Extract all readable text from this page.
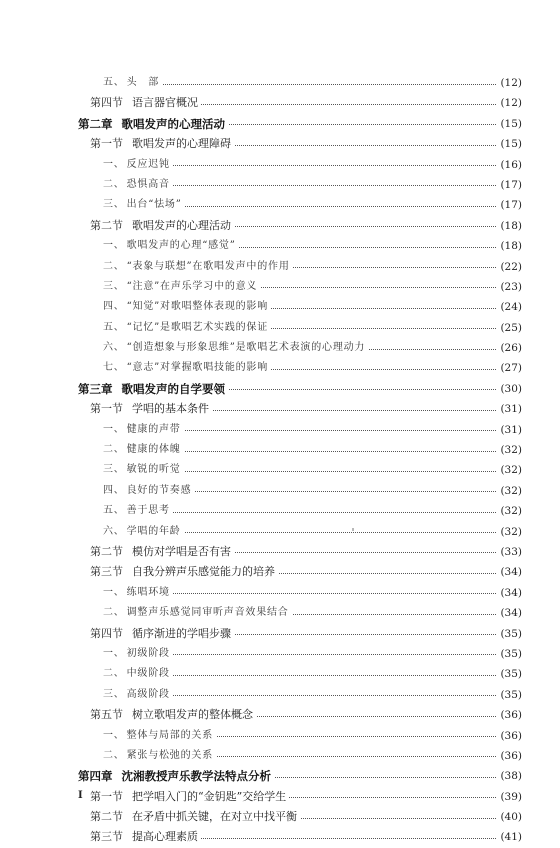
五、 头　部	(12)
第四节 语言器官概况	(12)
第二章 歌唱发声的心理活动	(15)
第一节 歌唱发声的心理障碍	(15)
一、 反应迟钝	(16)
二、 恐惧高音	(17)
三、 出台“怯场”	(17)
第二节 歌唱发声的心理活动	(18)
一、 歌唱发声的心理“感觉”	(18)
二、 “表象与联想”在歌唱发声中的作用	(22)
三、 “注意”在声乐学习中的意义	(23)
四、 “知觉”对歌唱整体表现的影响	(24)
五、 “记忆”是歌唱艺术实践的保证	(25)
六、 “创造想象与形象思维”是歌唱艺术表演的心理动力	(26)
七、 “意志”对掌握歌唱技能的影响	(27)
第三章 歌唱发声的自学要领	(30)
第一节 学唱的基本条件	(31)
一、 健康的声带	(31)
二、 健康的体魄	(32)
三、 敏锐的听觉	(32)
四、 良好的节奏感	(32)
五、 善于思考	(32)
六、 学唱的年龄	(32)
第二节 模仿对学唱是否有害	(33)
第三节 自我分辨声乐感觉能力的培养	(34)
一、 练唱环境	(34)
二、 调整声乐感觉同审听声音效果结合	(34)
第四节 循序渐进的学唱步骤	(35)
一、 初级阶段	(35)
二、 中级阶段	(35)
三、 高级阶段	(35)
第五节 树立歌唱发声的整体概念	(36)
一、 整体与局部的关系	(36)
二、 紧张与松弛的关系	(36)
第四章 沈湘教授声乐教学法特点分析	(38)
第一节 把学唱入门的“金钥匙”交给学生	(39)
第二节 在矛盾中抓关键，在对立中找平衡	(40)
第三节 提高心理素质	(41)
I
